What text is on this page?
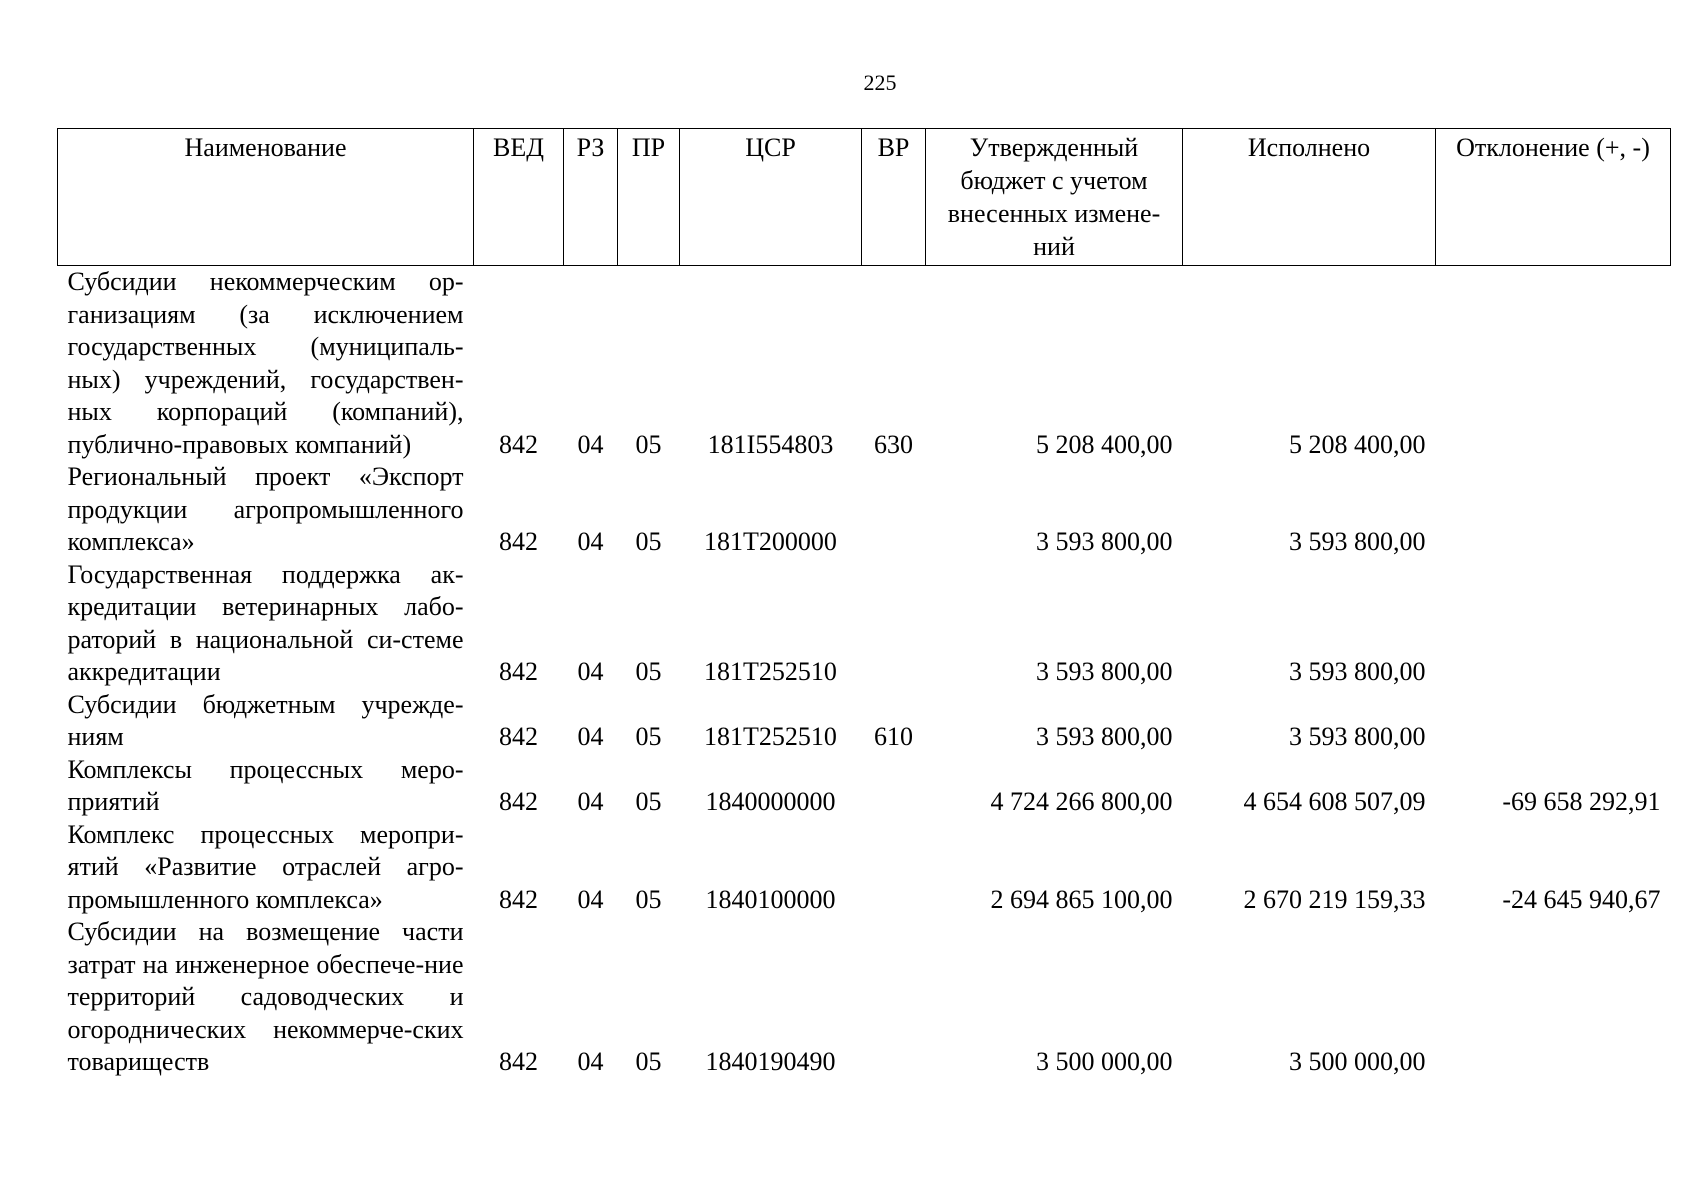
225
Наименование	ВЕД	РЗ	ПР	ЦСР	ВР	Утвержденный бюджет с учетом внесенных измене-ний	Исполнено	Отклонение (+, -)
Субсидии некоммерческим ор-ганизациям (за исключением государственных (муниципаль-ных) учреждений, государствен-ных корпораций (компаний), публично-правовых компаний)	842	04	05	181I554803	630	5 208 400,00	5 208 400,00	
Региональный проект «Экспорт продукции агропромышленного комплекса»	842	04	05	181T200000		3 593 800,00	3 593 800,00	
Государственная поддержка ак-кредитации ветеринарных лабо-раторий в национальной си-стеме аккредитации	842	04	05	181T252510		3 593 800,00	3 593 800,00	
Субсидии бюджетным учрежде-ниям	842	04	05	181T252510	610	3 593 800,00	3 593 800,00	
Комплексы процессных меро-приятий	842	04	05	1840000000		4 724 266 800,00	4 654 608 507,09	-69 658 292,91
Комплекс процессных меропри-ятий «Развитие отраслей агро-промышленного комплекса»	842	04	05	1840100000		2 694 865 100,00	2 670 219 159,33	-24 645 940,67
Субсидии на возмещение части затрат на инженерное обеспече-ние территорий садоводческих и огороднических некоммерче-ских товариществ	842	04	05	1840190490		3 500 000,00	3 500 000,00	
